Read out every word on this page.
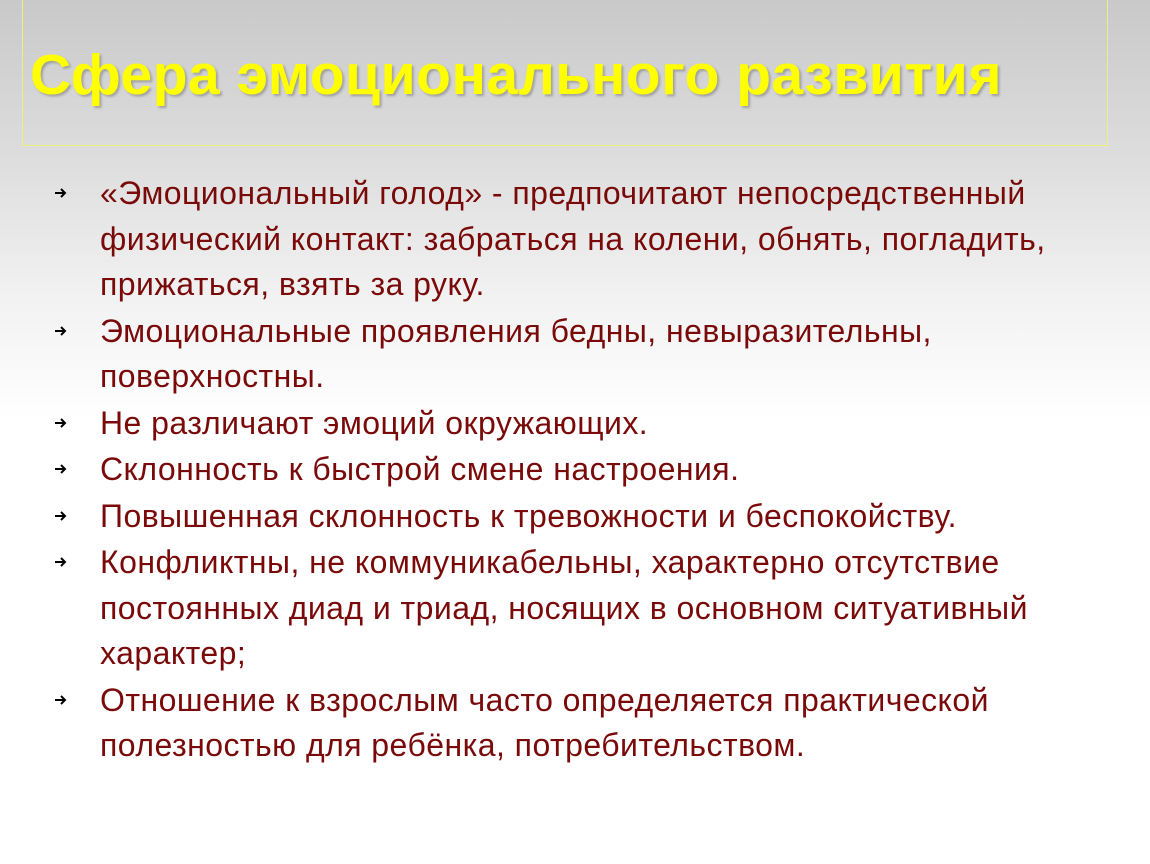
Сфера эмоционального развития
«Эмоциональный голод» - предпочитают непосредственный физический контакт: забраться на колени, обнять, погладить, прижаться, взять за руку.
Эмоциональные проявления бедны, невыразительны, поверхностны.
Не различают эмоций окружающих.
Склонность к быстрой смене настроения.
Повышенная склонность к тревожности и беспокойству.
Конфликтны, не коммуникабельны, характерно отсутствие постоянных диад и триад, носящих в основном ситуативный характер;
Отношение к взрослым часто определяется практической полезностью для ребёнка, потребительством.
